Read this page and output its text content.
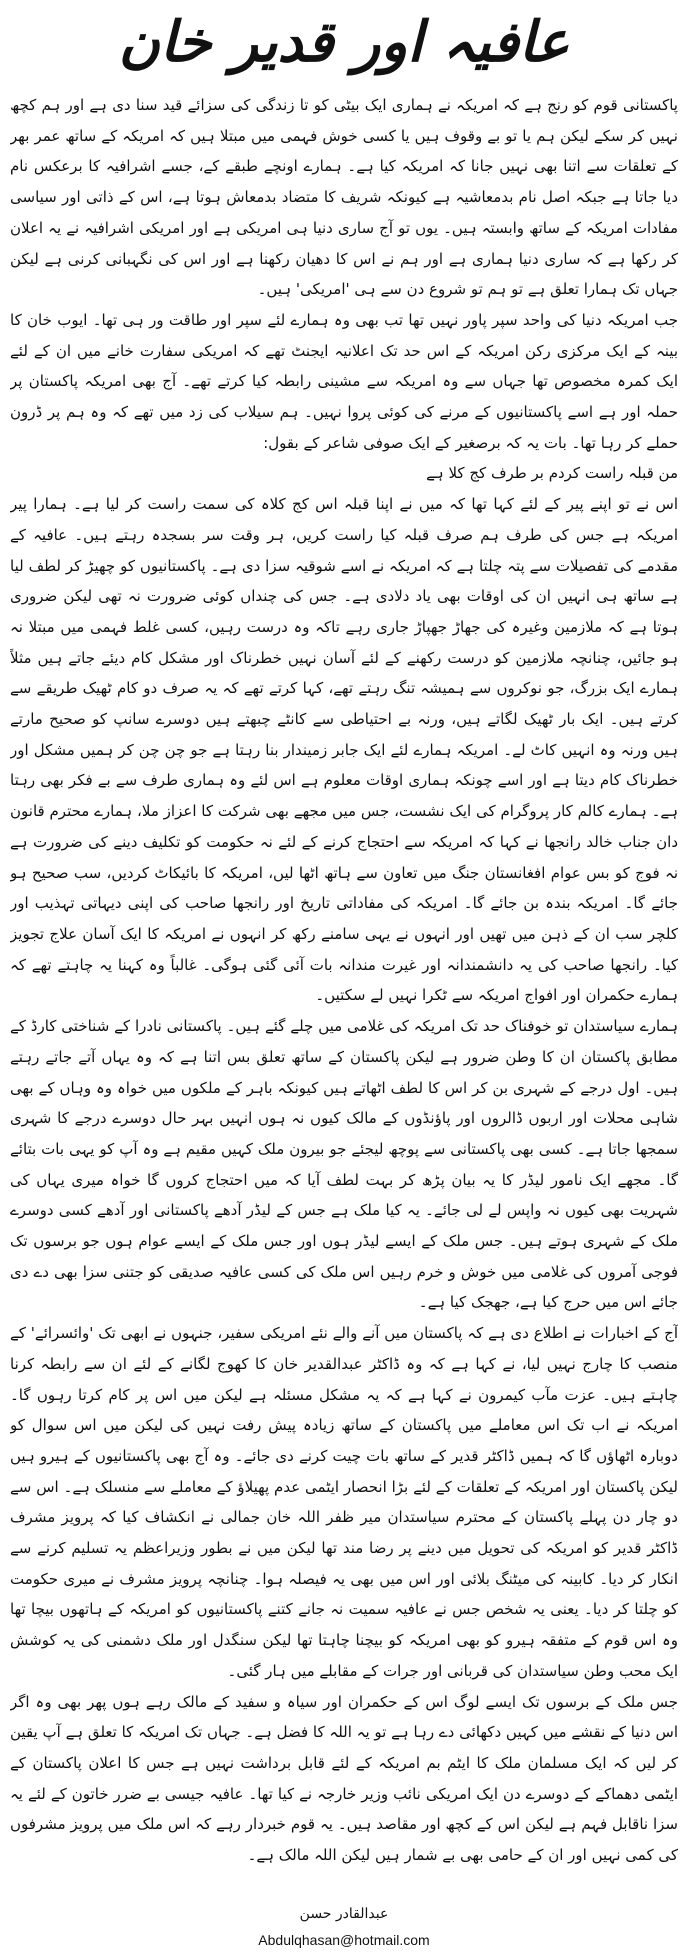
عافیہ اور قدیر خان

پاکستانی قوم کو رنج ہے کہ امریکہ نے ہماری ایک بیٹی کو تا زندگی کی سزائے قید سنا دی ہے اور ہم کچھ نہیں کر سکے لیکن ہم یا تو بے وقوف ہیں یا کسی خوش فہمی میں مبتلا ہیں کہ امریکہ کے ساتھ عمر بھر کے تعلقات سے اتنا بھی نہیں جانا کہ امریکہ کیا ہے۔ ہمارے اونچے طبقے کے، جسے اشرافیہ کا برعکس نام دیا جاتا ہے جبکہ اصل نام بدمعاشیہ ہے کیونکہ شریف کا متضاد بدمعاش ہوتا ہے، اس کے ذاتی اور سیاسی مفادات امریکہ کے ساتھ وابستہ ہیں۔ یوں تو آج ساری دنیا ہی امریکی ہے اور امریکی اشرافیہ نے یہ اعلان کر رکھا ہے کہ ساری دنیا ہماری ہے اور ہم نے اس کا دھیان رکھنا ہے اور اس کی نگہبانی کرنی ہے لیکن جہاں تک ہمارا تعلق ہے تو ہم تو شروع دن سے ہی 'امریکی' ہیں۔

جب امریکہ دنیا کی واحد سپر پاور نہیں تھا تب بھی وہ ہمارے لئے سپر اور طاقت ور ہی تھا۔ ایوب خان کا بینہ کے ایک مرکزی رکن امریکہ کے اس حد تک اعلانیہ ایجنٹ تھے کہ امریکی سفارت خانے میں ان کے لئے ایک کمرہ مخصوص تھا جہاں سے وہ امریکہ سے مشینی رابطہ کیا کرتے تھے۔ آج بھی امریکہ پاکستان پر حملہ اور ہے اسے پاکستانیوں کے مرنے کی کوئی پروا نہیں۔ ہم سیلاب کی زد میں تھے کہ وہ ہم پر ڈرون حملے کر رہا تھا۔ بات یہ کہ برصغیر کے ایک صوفی شاعر کے بقول:

من قبلہ راست کردم بر طرف کج کلا ہے

اس نے تو اپنے پیر کے لئے کہا تھا کہ میں نے اپنا قبلہ اس کج کلاہ کی سمت راست کر لیا ہے۔ ہمارا پیر امریکہ ہے جس کی طرف ہم صرف قبلہ کیا راست کریں، ہر وقت سر بسجدہ رہتے ہیں۔ عافیہ کے مقدمے کی تفصیلات سے پتہ چلتا ہے کہ امریکہ نے اسے شوقیہ سزا دی ہے۔ پاکستانیوں کو چھیڑ کر لطف لیا ہے ساتھ ہی انہیں ان کی اوقات بھی یاد دلادی ہے۔ جس کی چنداں کوئی ضرورت نہ تھی لیکن ضروری ہوتا ہے کہ ملازمین وغیرہ کی جھاڑ جھپاڑ جاری رہے تاکہ وہ درست رہیں، کسی غلط فہمی میں مبتلا نہ ہو جائیں، چنانچہ ملازمین کو درست رکھنے کے لئے آسان نہیں خطرناک اور مشکل کام دیئے جاتے ہیں مثلاً ہمارے ایک بزرگ، جو نوکروں سے ہمیشہ تنگ رہتے تھے، کہا کرتے تھے کہ یہ صرف دو کام ٹھیک طریقے سے کرتے ہیں۔ ایک بار ٹھیک لگاتے ہیں، ورنہ بے احتیاطی سے کانٹے چبھتے ہیں دوسرے سانپ کو صحیح مارتے ہیں ورنہ وہ انہیں کاٹ لے۔ امریکہ ہمارے لئے ایک جابر زمیندار بنا رہتا ہے جو چن چن کر ہمیں مشکل اور خطرناک کام دیتا ہے اور اسے چونکہ ہماری اوقات معلوم ہے اس لئے وہ ہماری طرف سے بے فکر بھی رہتا ہے۔ ہمارے کالم کار پروگرام کی ایک نشست، جس میں مجھے بھی شرکت کا اعزاز ملا، ہمارے محترم قانون دان جناب خالد رانجھا نے کہا کہ امریکہ سے احتجاج کرنے کے لئے نہ حکومت کو تکلیف دینے کی ضرورت ہے نہ فوج کو بس عوام افغانستان جنگ میں تعاون سے ہاتھ اٹھا لیں، امریکہ کا بائیکاٹ کردیں، سب صحیح ہو جائے گا۔ امریکہ بندہ بن جائے گا۔ امریکہ کی مفاداتی تاریخ اور رانجھا صاحب کی اپنی دیہاتی تہذیب اور کلچر سب ان کے ذہن میں تھیں اور انہوں نے یہی سامنے رکھ کر انہوں نے امریکہ کا ایک آسان علاج تجویز کیا۔ رانجھا صاحب کی یہ دانشمندانہ اور غیرت مندانہ بات آئی گئی ہوگی۔ غالباً وہ کہنا یہ چاہتے تھے کہ ہمارے حکمران اور افواج امریکہ سے ٹکرا نہیں لے سکتیں۔

ہمارے سیاستدان تو خوفناک حد تک امریکہ کی غلامی میں چلے گئے ہیں۔ پاکستانی نادرا کے شناختی کارڈ کے مطابق پاکستان ان کا وطن ضرور ہے لیکن پاکستان کے ساتھ تعلق بس اتنا ہے کہ وہ یہاں آتے جاتے رہتے ہیں۔ اول درجے کے شہری بن کر اس کا لطف اٹھاتے ہیں کیونکہ باہر کے ملکوں میں خواہ وہ وہاں کے بھی شاہی محلات اور اربوں ڈالروں اور پاؤنڈوں کے مالک کیوں نہ ہوں انہیں بہر حال دوسرے درجے کا شہری سمجھا جاتا ہے۔ کسی بھی پاکستانی سے پوچھ لیجئے جو بیرون ملک کہیں مقیم ہے وہ آپ کو یہی بات بتائے گا۔ مجھے ایک نامور لیڈر کا یہ بیان پڑھ کر بہت لطف آیا کہ میں احتجاج کروں گا خواہ میری یہاں کی شہریت بھی کیوں نہ واپس لے لی جائے۔ یہ کیا ملک ہے جس کے لیڈر آدھے پاکستانی اور آدھے کسی دوسرے ملک کے شہری ہوتے ہیں۔ جس ملک کے ایسے لیڈر ہوں اور جس ملک کے ایسے عوام ہوں جو برسوں تک فوجی آمروں کی غلامی میں خوش و خرم رہیں اس ملک کی کسی عافیہ صدیقی کو جتنی سزا بھی دے دی جائے اس میں حرج کیا ہے، جھجک کیا ہے۔

آج کے اخبارات نے اطلاع دی ہے کہ پاکستان میں آنے والے نئے امریکی سفیر، جنہوں نے ابھی تک 'وائسرائے' کے منصب کا چارج نہیں لیا، نے کہا ہے کہ وہ ڈاکٹر عبدالقدیر خان کا کھوج لگانے کے لئے ان سے رابطہ کرنا چاہتے ہیں۔ عزت مآب کیمرون نے کہا ہے کہ یہ مشکل مسئلہ ہے لیکن میں اس پر کام کرتا رہوں گا۔ امریکہ نے اب تک اس معاملے میں پاکستان کے ساتھ زیادہ پیش رفت نہیں کی لیکن میں اس سوال کو دوبارہ اٹھاؤں گا کہ ہمیں ڈاکٹر قدیر کے ساتھ بات چیت کرنے دی جائے۔ وہ آج بھی پاکستانیوں کے ہیرو ہیں لیکن پاکستان اور امریکہ کے تعلقات کے لئے بڑا انحصار ایٹمی عدم پھیلاؤ کے معاملے سے منسلک ہے۔ اس سے دو چار دن پہلے پاکستان کے محترم سیاستدان میر ظفر اللہ خان جمالی نے انکشاف کیا کہ پرویز مشرف ڈاکٹر قدیر کو امریکہ کی تحویل میں دینے پر رضا مند تھا لیکن میں نے بطور وزیراعظم یہ تسلیم کرنے سے انکار کر دیا۔ کابینہ کی میٹنگ بلائی اور اس میں بھی یہ فیصلہ ہوا۔ چنانچہ پرویز مشرف نے میری حکومت کو چلتا کر دیا۔ یعنی یہ شخص جس نے عافیہ سمیت نہ جانے کتنے پاکستانیوں کو امریکہ کے ہاتھوں بیچا تھا وہ اس قوم کے متفقہ ہیرو کو بھی امریکہ کو بیچنا چاہتا تھا لیکن سنگدل اور ملک دشمنی کی یہ کوشش ایک محب وطن سیاستدان کی قربانی اور جرات کے مقابلے میں ہار گئی۔

جس ملک کے برسوں تک ایسے لوگ اس کے حکمران اور سیاہ و سفید کے مالک رہے ہوں پھر بھی وہ اگر اس دنیا کے نقشے میں کہیں دکھائی دے رہا ہے تو یہ اللہ کا فضل ہے۔ جہاں تک امریکہ کا تعلق ہے آپ یقین کر لیں کہ ایک مسلمان ملک کا ایٹم بم امریکہ کے لئے قابل برداشت نہیں ہے جس کا اعلان پاکستان کے ایٹمی دھماکے کے دوسرے دن ایک امریکی نائب وزیر خارجہ نے کیا تھا۔ عافیہ جیسی بے ضرر خاتون کے لئے یہ سزا ناقابل فہم ہے لیکن اس کے کچھ اور مقاصد ہیں۔ یہ قوم خبردار رہے کہ اس ملک میں پرویز مشرفوں کی کمی نہیں اور ان کے حامی بھی بے شمار ہیں لیکن اللہ مالک ہے۔

عبدالقادر حسن
Abdulqhasan@hotmail.com
